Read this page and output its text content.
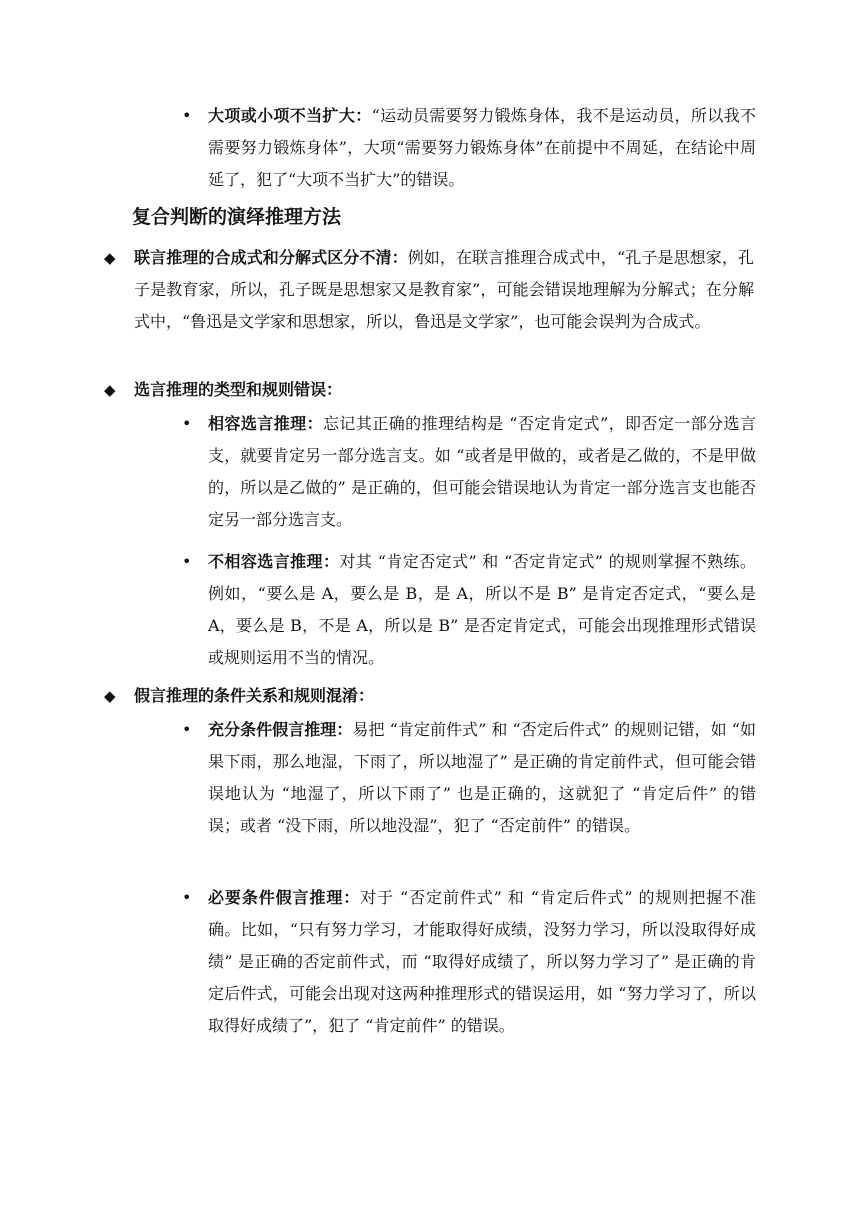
• 大项或小项不当扩大：“运动员需要努力锻炼身体，我不是运动员，所以我不需要努力锻炼身体”，大项“需要努力锻炼身体”在前提中不周延，在结论中周延了，犯了“大项不当扩大”的错误。

复合判断的演绎推理方法
◆ 联言推理的合成式和分解式区分不清：例如，在联言推理合成式中，“孔子是思想家，孔子是教育家，所以，孔子既是思想家又是教育家”，可能会错误地理解为分解式；在分解式中，“鲁迅是文学家和思想家，所以，鲁迅是文学家”，也可能会误判为合成式。

◆ 选言推理的类型和规则错误：

• 相容选言推理：忘记其正确的推理结构是 “否定肯定式”，即否定一部分选言支，就要肯定另一部分选言支。如 “或者是甲做的，或者是乙做的，不是甲做的，所以是乙做的” 是正确的，但可能会错误地认为肯定一部分选言支也能否定另一部分选言支。

• 不相容选言推理：对其 “肯定否定式” 和 “否定肯定式” 的规则掌握不熟练。例如，“要么是 A，要么是 B，是 A，所以不是 B” 是肯定否定式，“要么是 A，要么是 B，不是 A，所以是 B” 是否定肯定式，可能会出现推理形式错误或规则运用不当的情况。

◆ 假言推理的条件关系和规则混淆：

• 充分条件假言推理：易把 “肯定前件式” 和 “否定后件式” 的规则记错，如 “如果下雨，那么地湿，下雨了，所以地湿了” 是正确的肯定前件式，但可能会错误地认为 “地湿了，所以下雨了” 也是正确的，这就犯了 “肯定后件” 的错误；或者 “没下雨，所以地没湿”，犯了 “否定前件” 的错误。

• 必要条件假言推理：对于 “否定前件式” 和 “肯定后件式” 的规则把握不准确。比如，“只有努力学习，才能取得好成绩，没努力学习，所以没取得好成绩” 是正确的否定前件式，而 “取得好成绩了，所以努力学习了” 是正确的肯定后件式，可能会出现对这两种推理形式的错误运用，如 “努力学习了，所以取得好成绩了”，犯了 “肯定前件” 的错误。
